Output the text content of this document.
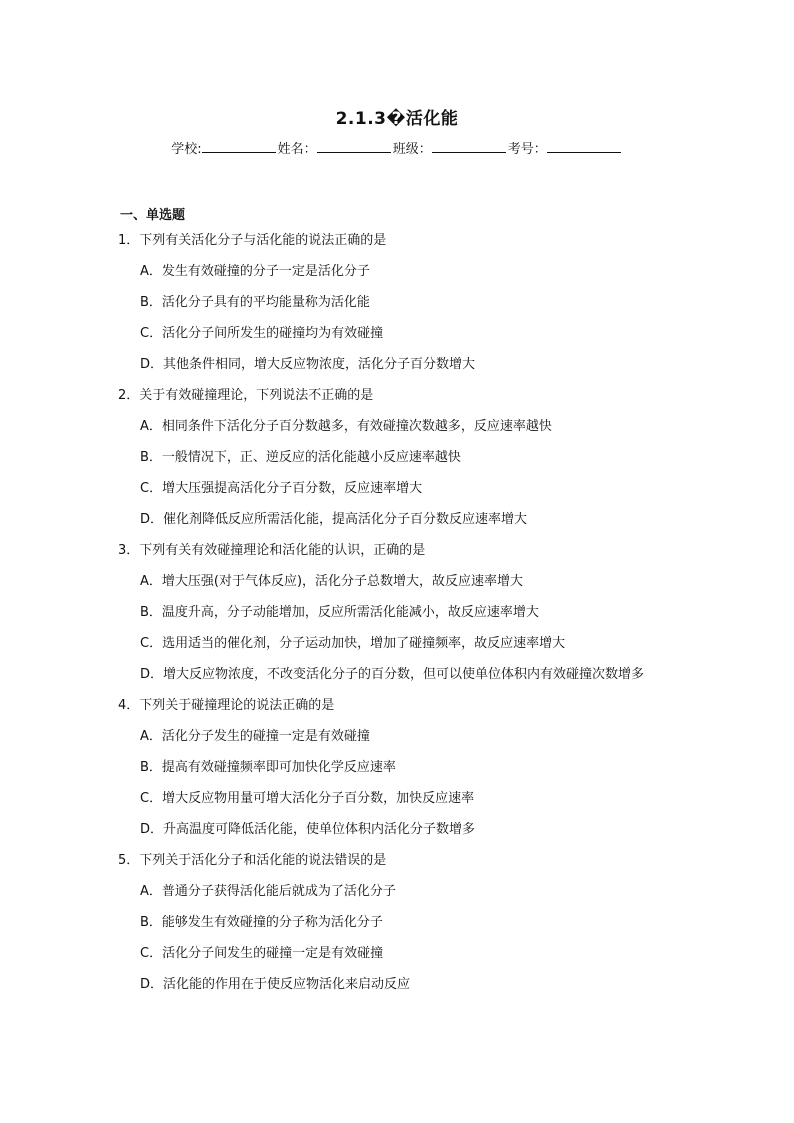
2.1.3�活化能
学校:	姓名：	班级：	考号：
一、单选题
1．下列有关活化分子与活化能的说法正确的是
A．发生有效碰撞的分子一定是活化分子
B．活化分子具有的平均能量称为活化能
C．活化分子间所发生的碰撞均为有效碰撞
D．其他条件相同，增大反应物浓度，活化分子百分数增大
2．关于有效碰撞理论，下列说法不正确的是
A．相同条件下活化分子百分数越多，有效碰撞次数越多，反应速率越快
B．一般情况下，正、逆反应的活化能越小反应速率越快
C．增大压强提高活化分子百分数，反应速率增大
D．催化剂降低反应所需活化能，提高活化分子百分数反应速率增大
3．下列有关有效碰撞理论和活化能的认识，正确的是
A．增大压强(对于气体反应)，活化分子总数增大，故反应速率增大
B．温度升高，分子动能增加，反应所需活化能减小，故反应速率增大
C．选用适当的催化剂，分子运动加快，增加了碰撞频率，故反应速率增大
D．增大反应物浓度，不改变活化分子的百分数，但可以使单位体积内有效碰撞次数增多
4．下列关于碰撞理论的说法正确的是
A．活化分子发生的碰撞一定是有效碰撞
B．提高有效碰撞频率即可加快化学反应速率
C．增大反应物用量可增大活化分子百分数，加快反应速率
D．升高温度可降低活化能，使单位体积内活化分子数增多
5．下列关于活化分子和活化能的说法错误的是
A．普通分子获得活化能后就成为了活化分子
B．能够发生有效碰撞的分子称为活化分子
C．活化分子间发生的碰撞一定是有效碰撞
D．活化能的作用在于使反应物活化来启动反应
